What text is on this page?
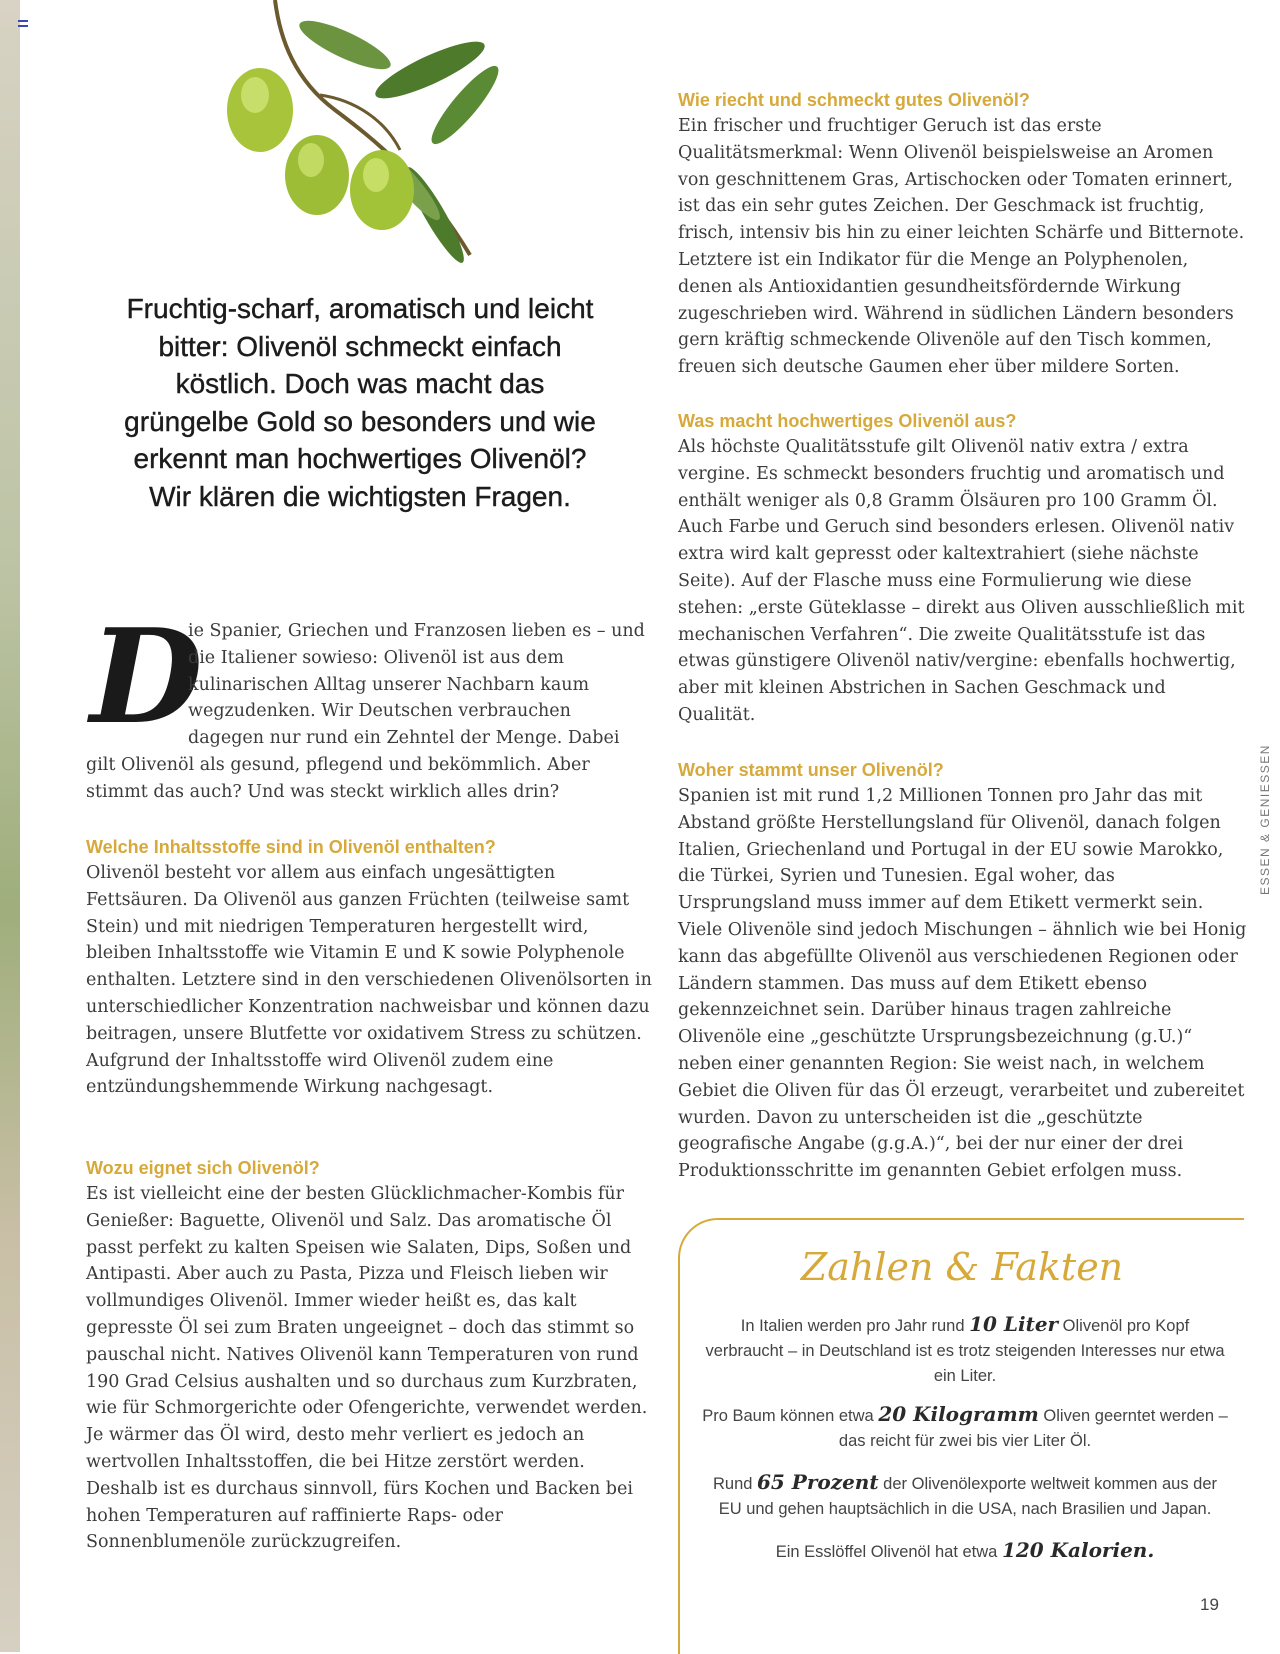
Fruchtig-scharf, aromatisch und leicht bitter: Olivenöl schmeckt einfach köstlich. Doch was macht das grüngelbe Gold so besonders und wie erkennt man hochwertiges Olivenöl? Wir klären die wichtigsten Fragen.

D

ie Spanier, Griechen und Franzosen lieben es – und die Italiener sowieso: Olivenöl ist aus dem kulinarischen Alltag unserer Nachbarn kaum wegzudenken. Wir Deutschen verbrauchen dagegen nur rund ein Zehntel der Menge. Dabei gilt Olivenöl als gesund, pflegend und bekömmlich. Aber stimmt das auch? Und was steckt wirklich alles drin?

Welche Inhaltsstoffe sind in Olivenöl enthalten?

Olivenöl besteht vor allem aus einfach ungesättigten Fettsäuren. Da Olivenöl aus ganzen Früchten (teilweise samt Stein) und mit niedrigen Temperaturen hergestellt wird, bleiben Inhaltsstoffe wie Vitamin E und K sowie Polyphenole enthalten. Letztere sind in den verschiedenen Olivenölsorten in unterschiedlicher Konzentration nachweisbar und können dazu beitragen, unsere Blutfette vor oxidativem Stress zu schützen. Aufgrund der Inhaltsstoffe wird Olivenöl zudem eine entzündungshemmende Wirkung nachgesagt.

Wozu eignet sich Olivenöl?

Es ist vielleicht eine der besten Glücklichmacher-Kombis für Genießer: Baguette, Olivenöl und Salz. Das aromatische Öl passt perfekt zu kalten Speisen wie Salaten, Dips, Soßen und Antipasti. Aber auch zu Pasta, Pizza und Fleisch lieben wir vollmundiges Olivenöl. Immer wieder heißt es, das kalt gepresste Öl sei zum Braten ungeeignet – doch das stimmt so pauschal nicht. Natives Olivenöl kann Temperaturen von rund 190 Grad Celsius aushalten und so durchaus zum Kurzbraten, wie für Schmorgerichte oder Ofengerichte, verwendet werden. Je wärmer das Öl wird, desto mehr verliert es jedoch an wertvollen Inhaltsstoffen, die bei Hitze zerstört werden. Deshalb ist es durchaus sinnvoll, fürs Kochen und Backen bei hohen Temperaturen auf raffinierte Raps- oder Sonnenblumenöle zurückzugreifen.

Wie riecht und schmeckt gutes Olivenöl?

Ein frischer und fruchtiger Geruch ist das erste Qualitätsmerkmal: Wenn Olivenöl beispielsweise an Aromen von geschnittenem Gras, Artischocken oder Tomaten erinnert, ist das ein sehr gutes Zeichen. Der Geschmack ist fruchtig, frisch, intensiv bis hin zu einer leichten Schärfe und Bitternote. Letztere ist ein Indikator für die Menge an Polyphenolen, denen als Antioxidantien gesundheitsfördernde Wirkung zugeschrieben wird. Während in südlichen Ländern besonders gern kräftig schmeckende Olivenöle auf den Tisch kommen, freuen sich deutsche Gaumen eher über mildere Sorten.

Was macht hochwertiges Olivenöl aus?

Als höchste Qualitätsstufe gilt Olivenöl nativ extra / extra vergine. Es schmeckt besonders fruchtig und aromatisch und enthält weniger als 0,8 Gramm Ölsäuren pro 100 Gramm Öl. Auch Farbe und Geruch sind besonders erlesen. Olivenöl nativ extra wird kalt gepresst oder kaltextrahiert (siehe nächste Seite). Auf der Flasche muss eine Formulierung wie diese stehen: „erste Güteklasse – direkt aus Oliven ausschließlich mit mechanischen Verfahren“. Die zweite Qualitätsstufe ist das etwas günstigere Olivenöl nativ/vergine: ebenfalls hochwertig, aber mit kleinen Abstrichen in Sachen Geschmack und Qualität.

Woher stammt unser Olivenöl?

Spanien ist mit rund 1,2 Millionen Tonnen pro Jahr das mit Abstand größte Herstellungsland für Olivenöl, danach folgen Italien, Griechenland und Portugal in der EU sowie Marokko, die Türkei, Syrien und Tunesien. Egal woher, das Ursprungsland muss immer auf dem Etikett vermerkt sein. Viele Olivenöle sind jedoch Mischungen – ähnlich wie bei Honig kann das abgefüllte Olivenöl aus verschiedenen Regionen oder Ländern stammen. Das muss auf dem Etikett ebenso gekennzeichnet sein. Darüber hinaus tragen zahlreiche Olivenöle eine „geschützte Ursprungsbezeichnung (g.U.)“ neben einer genannten Region: Sie weist nach, in welchem Gebiet die Oliven für das Öl erzeugt, verarbeitet und zubereitet wurden. Davon zu unterscheiden ist die „geschützte geografische Angabe (g.g.A.)“, bei der nur einer der drei Produktionsschritte im genannten Gebiet erfolgen muss.

Zahlen & Fakten

In Italien werden pro Jahr rund 10 Liter Olivenöl pro Kopf verbraucht – in Deutschland ist es trotz steigenden Interesses nur etwa ein Liter.

Pro Baum können etwa 20 Kilogramm Oliven geerntet werden – das reicht für zwei bis vier Liter Öl.

Rund 65 Prozent der Olivenölexporte weltweit kommen aus der EU und gehen hauptsächlich in die USA, nach Brasilien und Japan.

Ein Esslöffel Olivenöl hat etwa 120 Kalorien.

ESSEN & GENIESSEN
19
